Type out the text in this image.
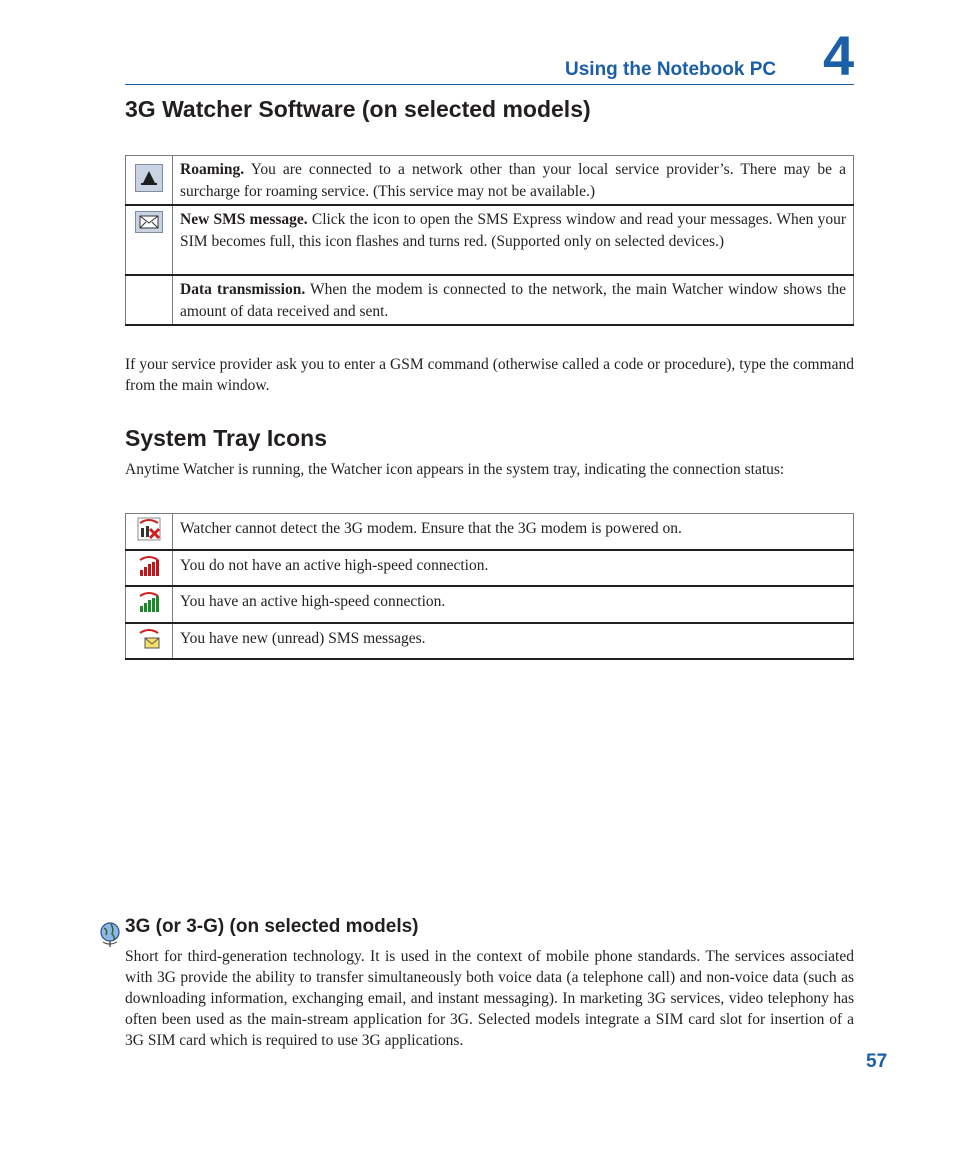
Using the Notebook PC 4
3G Watcher Software (on selected models)
	Roaming. You are connected to a network other than your local service provider’s. There may be a surcharge for roaming service. (This service may not be available.)
	New SMS message. Click the icon to open the SMS Express window and read your messages. When your SIM becomes full, this icon flashes and turns red. (Supported only on selected devices.)
	Data transmission. When the modem is connected to the network, the main Watcher window shows the amount of data received and sent.
If your service provider ask you to enter a GSM command (otherwise called a code or procedure), type the command from the main window.
System Tray Icons
Anytime Watcher is running, the Watcher icon appears in the system tray, indicating the connection status:
	Watcher cannot detect the 3G modem. Ensure that the 3G modem is powered on.
	You do not have an active high-speed connection.
	You have an active high-speed connection.
	You have new (unread) SMS messages.
3G (or 3-G) (on selected models)
Short for third-generation technology. It is used in the context of mobile phone standards. The services associated with 3G provide the ability to transfer simultaneously both voice data (a telephone call) and non-voice data (such as downloading information, exchanging email, and instant messaging). In marketing 3G services, video telephony has often been used as the main-stream application for 3G. Selected models integrate a SIM card slot for insertion of a 3G SIM card which is required to use 3G applications.
57
